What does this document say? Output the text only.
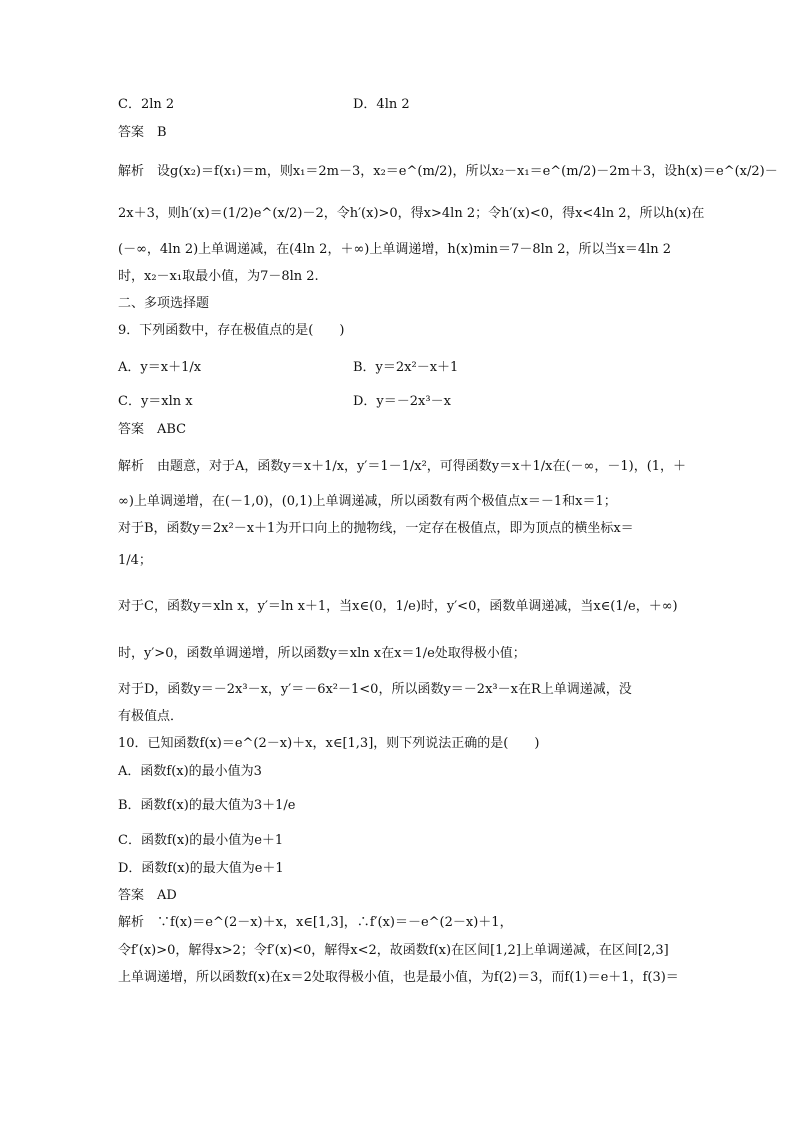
C．2ln 2	D．4ln 2
答案　B
解析　设g(x₂)＝f(x₁)＝m，则x₁＝2m－3，x₂＝e^(m/2)，所以x₂－x₁＝e^(m/2)－2m＋3，设h(x)＝e^(x/2)－
2x＋3，则h′(x)＝(1/2)e^(x/2)－2，令h′(x)>0，得x>4ln 2；令h′(x)<0，得x<4ln 2，所以h(x)在
(－∞，4ln 2)上单调递减，在(4ln 2，＋∞)上单调递增，h(x)min＝7－8ln 2，所以当x＝4ln 2
时，x₂－x₁取最小值，为7－8ln 2.
二、多项选择题
9．下列函数中，存在极值点的是(　　)
A．y＝x＋1/x	B．y＝2x²－x＋1
C．y＝xln x	D．y＝－2x³－x
答案　ABC
解析　由题意，对于A，函数y＝x＋1/x，y′＝1－1/x²，可得函数y＝x＋1/x在(－∞，－1)，(1，＋
∞)上单调递增，在(－1,0)，(0,1)上单调递减，所以函数有两个极值点x＝－1和x＝1；
对于B，函数y＝2x²－x＋1为开口向上的抛物线，一定存在极值点，即为顶点的横坐标x＝
1/4；
对于C，函数y＝xln x，y′＝ln x＋1，当x∈(0，1/e)时，y′<0，函数单调递减，当x∈(1/e，＋∞)
时，y′>0，函数单调递增，所以函数y＝xln x在x＝1/e处取得极小值；
对于D，函数y＝－2x³－x，y′＝－6x²－1<0，所以函数y＝－2x³－x在R上单调递减，没
有极值点．
10．已知函数f(x)＝e^(2－x)＋x，x∈[1,3]，则下列说法正确的是(　　)
A．函数f(x)的最小值为3
B．函数f(x)的最大值为3＋1/e
C．函数f(x)的最小值为e＋1
D．函数f(x)的最大值为e＋1
答案　AD
解析　∵f(x)＝e^(2－x)＋x，x∈[1,3]，∴f′(x)＝－e^(2－x)＋1，
令f′(x)>0，解得x>2；令f′(x)<0，解得x<2，故函数f(x)在区间[1,2]上单调递减，在区间[2,3]
上单调递增，所以函数f(x)在x＝2处取得极小值，也是最小值，为f(2)＝3，而f(1)＝e＋1，f(3)＝
